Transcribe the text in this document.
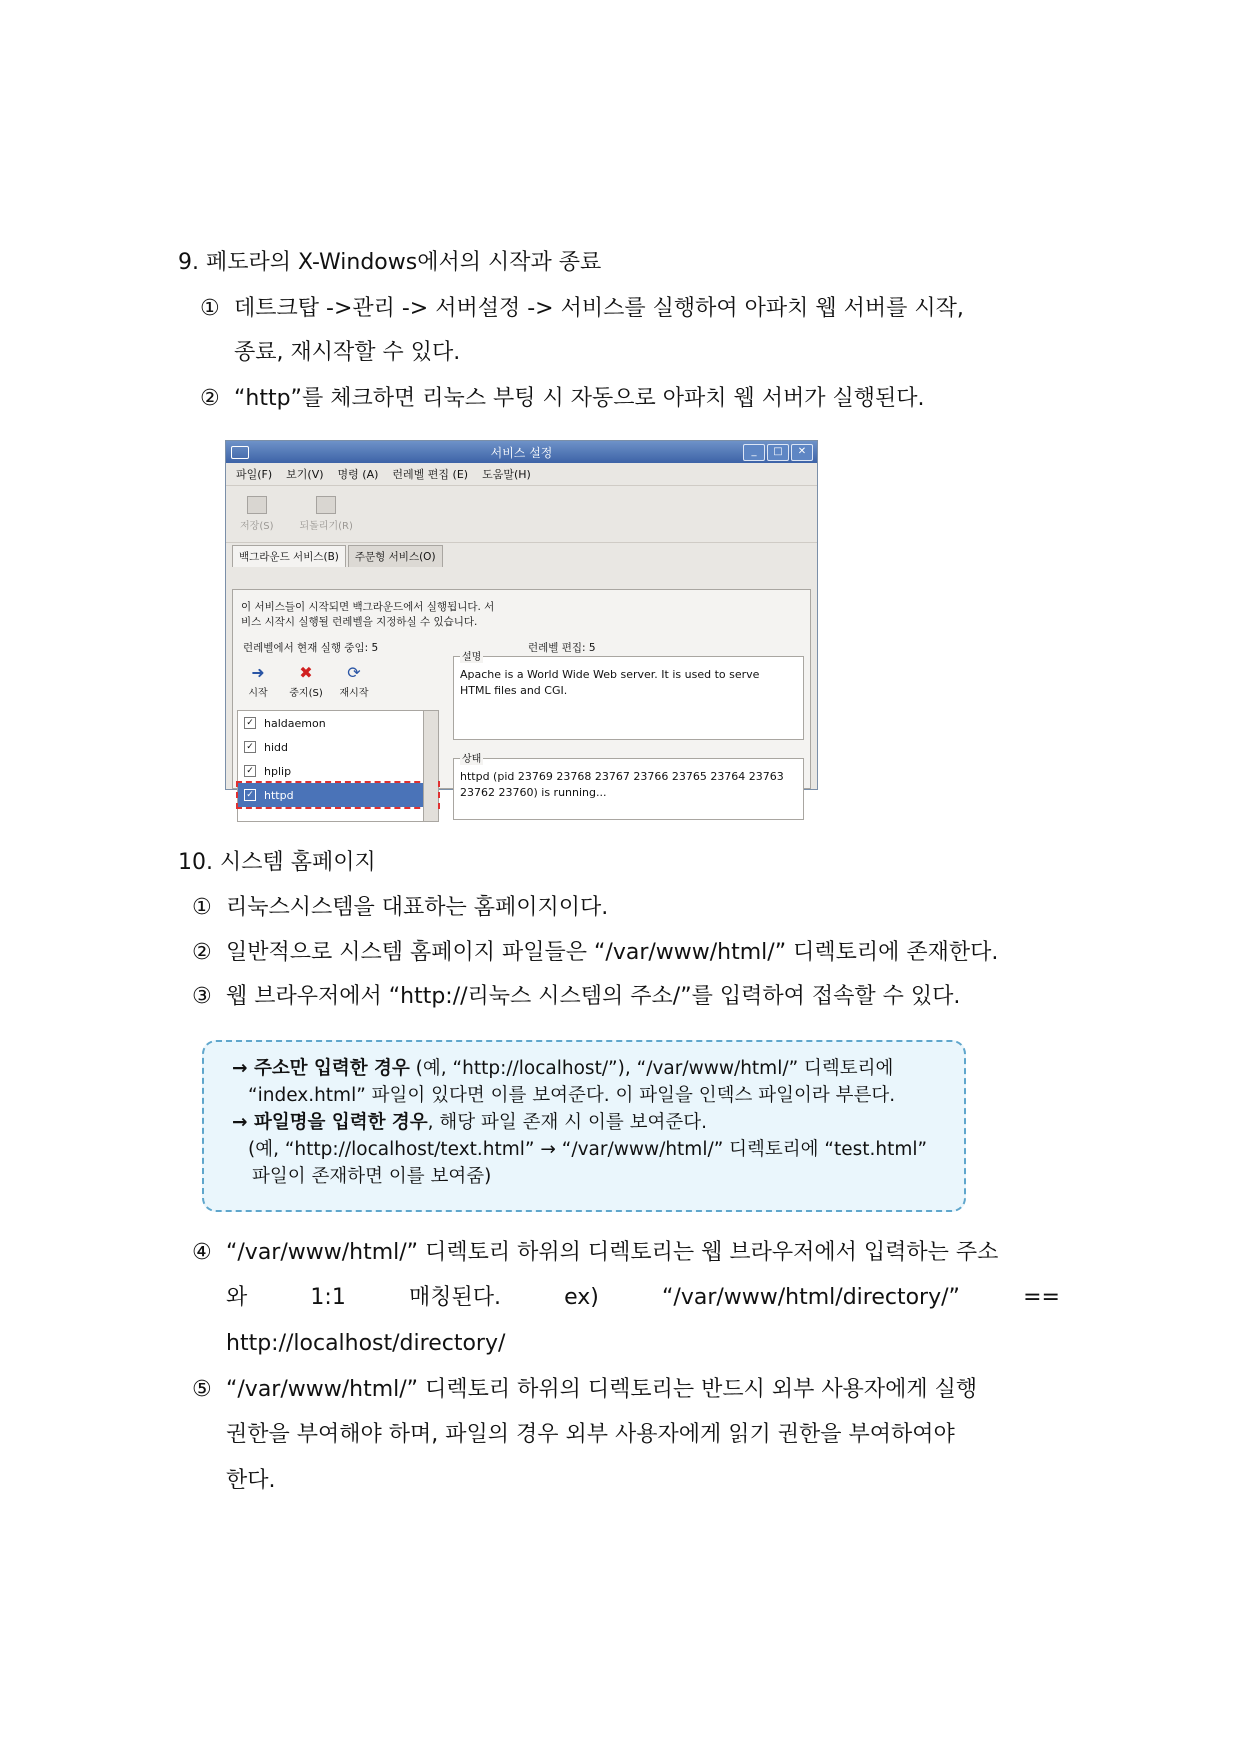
9. 페도라의 X-Windows에서의 시작과 종료
① 데트크탑 ->관리 -> 서버설정 -> 서비스를 실행하여 아파치 웹 서버를 시작,
종료, 재시작할 수 있다.
② “http”를 체크하면 리눅스 부팅 시 자동으로 아파치 웹 서버가 실행된다.
서비스 설정	_	□	✕
파일(F) 보기(V) 명령 (A) 런레벨 편집 (E) 도움말(H)
저장(S)	되돌리기(R)
백그라운드 서비스(B)	주문형 서비스(O)
이 서비스들이 시작되면 백그라운드에서 실행됩니다. 서
비스 시작시 실행될 런레벨을 지정하실 수 있습니다.
런레벨에서 현재 실행 중임: 5	런레벨 편집: 5
➜
시작
✖
중지(S)
⟳
재시작
✓ haldaemon
✓ hidd
✓ hplip
✓ httpd
설명
Apache is a World Wide Web server. It is used to serve
HTML files and CGI.
상태
httpd (pid 23769 23768 23767 23766 23765 23764 23763
23762 23760) is running...
10. 시스템 홈페이지
① 리눅스시스템을 대표하는 홈페이지이다.
② 일반적으로 시스템 홈페이지 파일들은 “/var/www/html/” 디렉토리에 존재한다.
③ 웹 브라우저에서 “http://리눅스 시스템의 주소/”를 입력하여 접속할 수 있다.
→ 주소만 입력한 경우 (예, “http://localhost/”), “/var/www/html/” 디렉토리에
“index.html” 파일이 있다면 이를 보여준다. 이 파일을 인덱스 파일이라 부른다.
→ 파일명을 입력한 경우, 해당 파일 존재 시 이를 보여준다.
(예, “http://localhost/text.html” → “/var/www/html/” 디렉토리에 “test.html”
파일이 존재하면 이를 보여줌)
④ “/var/www/html/” 디렉토리 하위의 디렉토리는 웹 브라우저에서 입력하는 주소
와	1:1	매칭된다.	ex)	“/var/www/html/directory/”	==
http://localhost/directory/
⑤ “/var/www/html/” 디렉토리 하위의 디렉토리는 반드시 외부 사용자에게 실행
권한을 부여해야 하며, 파일의 경우 외부 사용자에게 읽기 권한을 부여하여야
한다.
